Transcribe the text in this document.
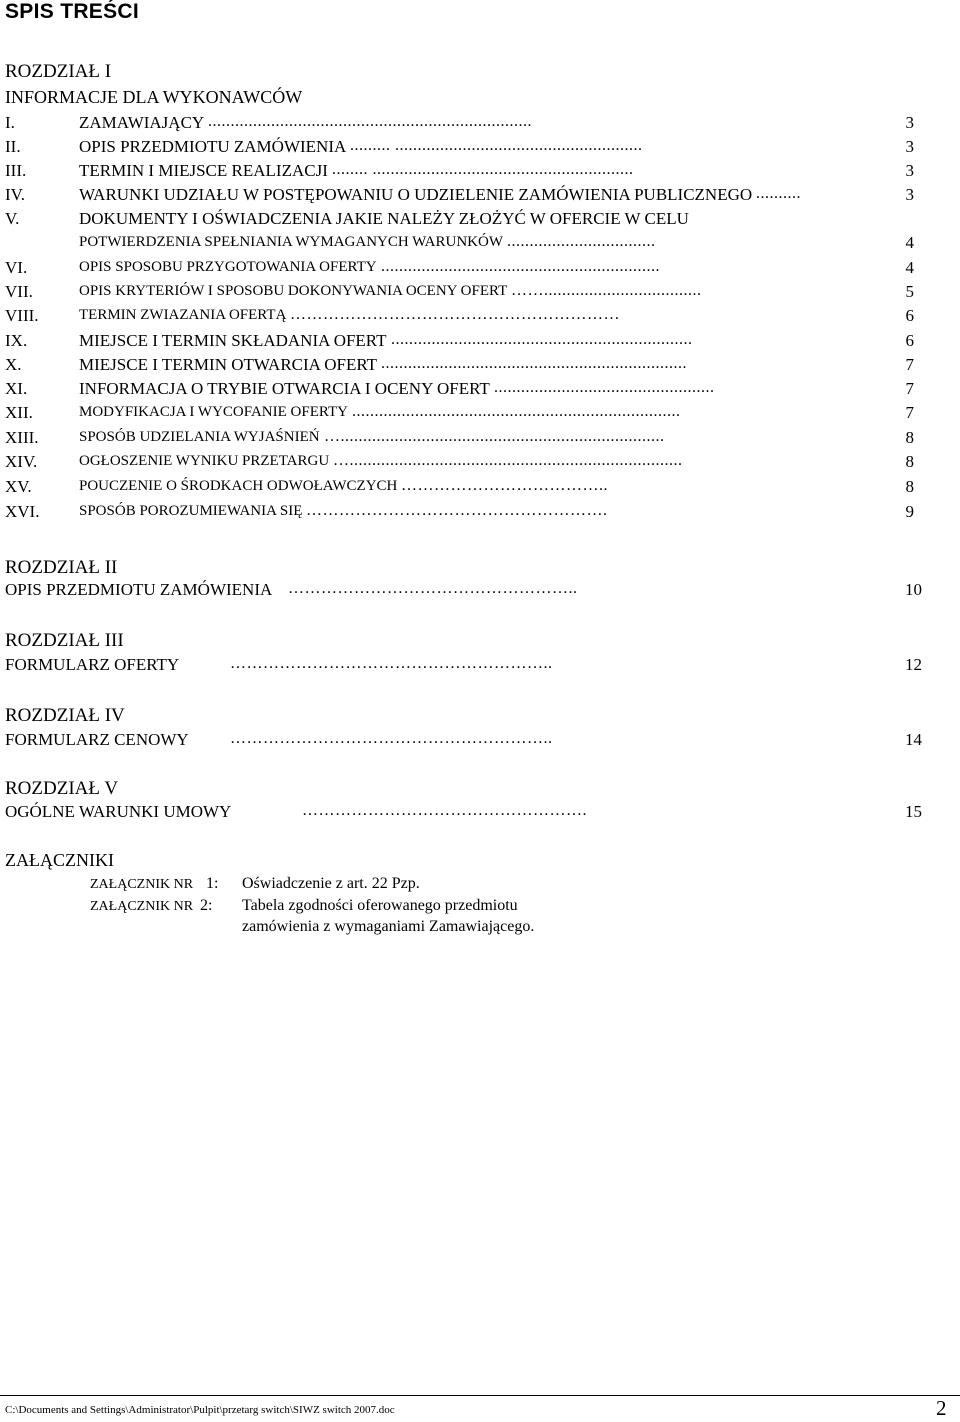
SPIS TREŚCI
ROZDZIAŁ I
INFORMACJE DLA WYKONAWCÓW
I.	ZAMAWIAJĄCY ........................................................................	3
II.	OPIS PRZEDMIOTU ZAMÓWIENIA ......... .......................................................	3
III.	TERMIN I MIEJSCE REALIZACJI ........ ..........................................................	3
IV.	WARUNKI UDZIAŁU W POSTĘPOWANIU O UDZIELENIE ZAMÓWIENIA PUBLICZNEGO ..........	3
V.	DOKUMENTY I OŚWIADCZENIA JAKIE NALEŻY ZŁOŻYĆ W OFERCIE W CELU
POTWIERDZENIA SPEŁNIANIA WYMAGANYCH WARUNKÓW .................................	4
VI.	OPIS SPOSOBU PRZYGOTOWANIA OFERTY ..............................................................	4
VII.	OPIS KRYTERIÓW I SPOSOBU DOKONYWANIA OCENY OFERT ……...................................	5
VIII.	TERMIN ZWIAZANIA OFERTĄ ……………………………………………………	6
IX.	MIEJSCE I TERMIN SKŁADANIA OFERT ...................................................................	6
X.	MIEJSCE I TERMIN OTWARCIA OFERT ....................................................................	7
XI.	INFORMACJA O TRYBIE OTWARCIA I OCENY OFERT .................................................	7
XII.	MODYFIKACJA I WYCOFANIE OFERTY .........................................................................	7
XIII.	SPOSÓB UDZIELANIA WYJAŚNIEŃ …........................................................................	8
XIV.	OGŁOSZENIE WYNIKU PRZETARGU …..........................................................................	8
XV.	POUCZENIE O ŚRODKACH ODWOŁAWCZYCH ………………………………..	8
XVI.	SPOSÓB POROZUMIEWANIA SIĘ ……………………………………………….	9
ROZDZIAŁ II
OPIS PRZEDMIOTU ZAMÓWIENIA ……………………………………………..	10
ROZDZIAŁ III
FORMULARZ OFERTY	…………………………………………………..	12
ROZDZIAŁ IV
FORMULARZ CENOWY	…………………………………………………..	14
ROZDZIAŁ V
OGÓLNE WARUNKI UMOWY	…………………………………………….	15
ZAŁĄCZNIKI
ZAŁĄCZNIK NR 1: Oświadczenie z art. 22 Pzp.
ZAŁĄCZNIK NR 2: Tabela zgodności oferowanego przedmiotu
zamówienia z wymaganiami Zamawiającego.
C:\Documents and Settings\Administrator\Pulpit\przetarg switch\SIWZ switch 2007.doc	2
